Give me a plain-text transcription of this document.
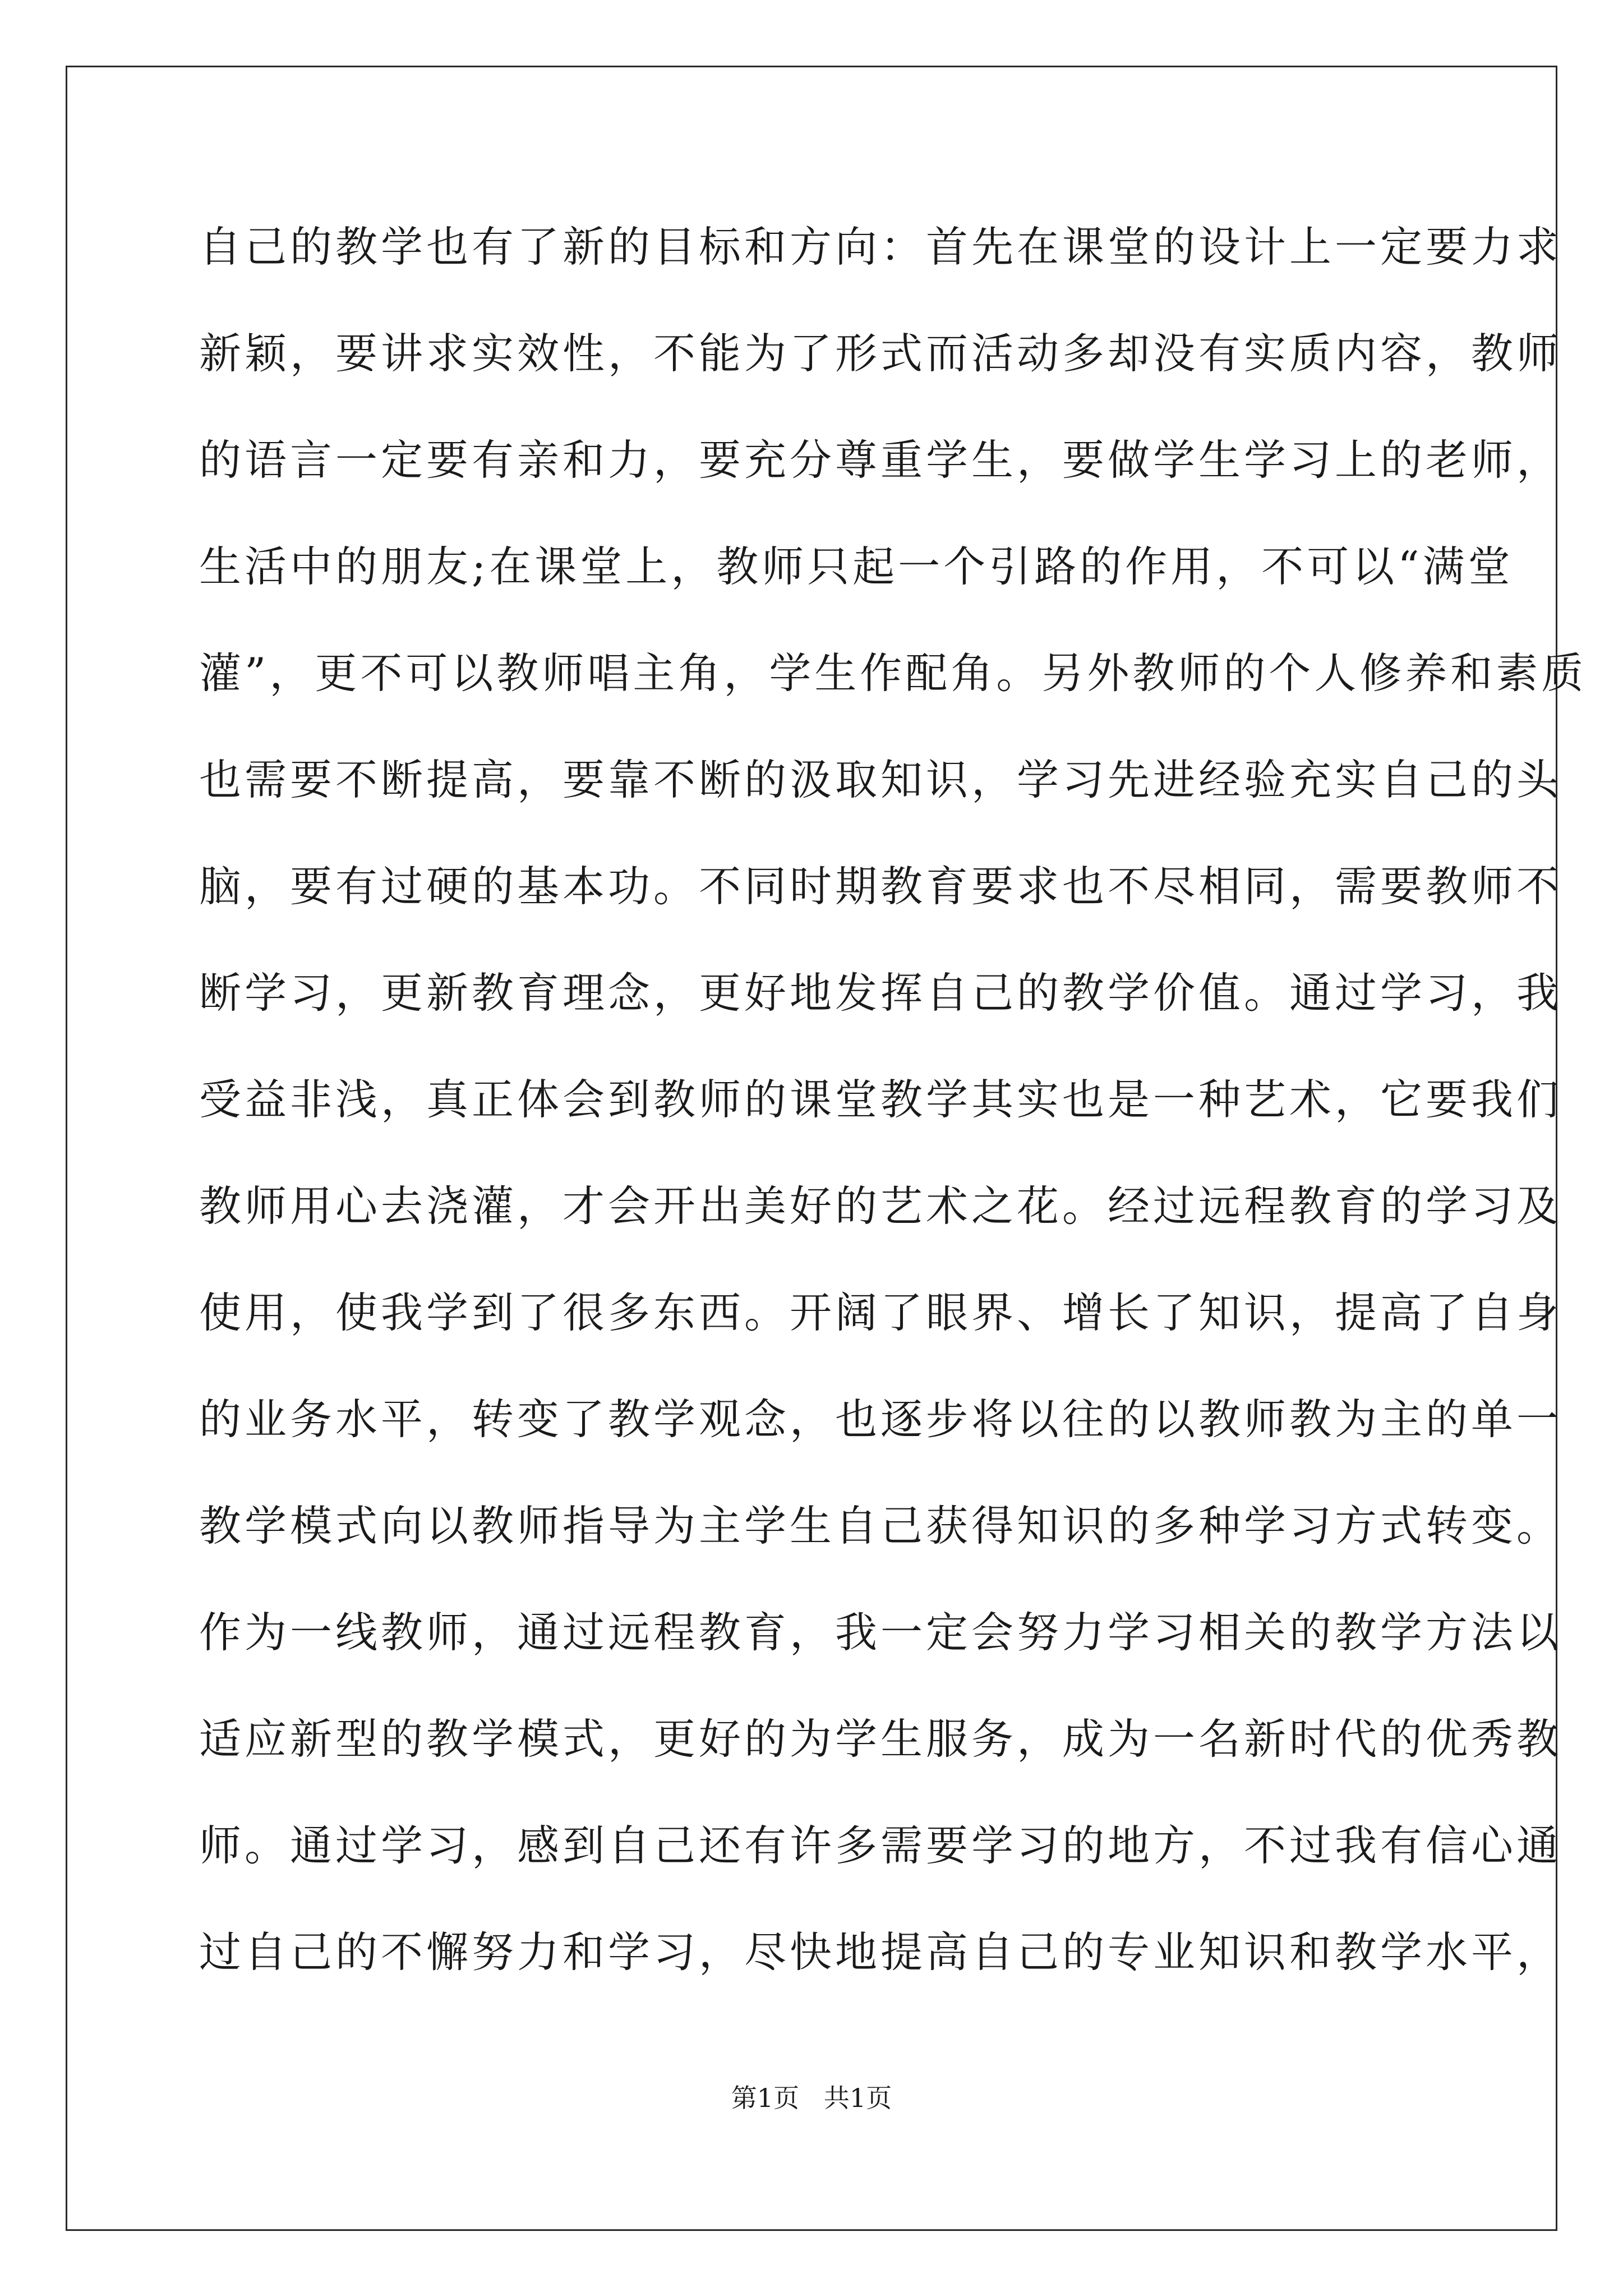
自己的教学也有了新的目标和方向：首先在课堂的设计上一定要力求
新颖，要讲求实效性，不能为了形式而活动多却没有实质内容，教师
的语言一定要有亲和力，要充分尊重学生，要做学生学习上的老师，
生活中的朋友;在课堂上，教师只起一个引路的作用，不可以“满堂
灌”，更不可以教师唱主角，学生作配角。另外教师的个人修养和素质
也需要不断提高，要靠不断的汲取知识，学习先进经验充实自己的头
脑，要有过硬的基本功。不同时期教育要求也不尽相同，需要教师不
断学习，更新教育理念，更好地发挥自己的教学价值。通过学习，我
受益非浅，真正体会到教师的课堂教学其实也是一种艺术，它要我们
教师用心去浇灌，才会开出美好的艺术之花。经过远程教育的学习及
使用，使我学到了很多东西。开阔了眼界、增长了知识，提高了自身
的业务水平，转变了教学观念，也逐步将以往的以教师教为主的单一
教学模式向以教师指导为主学生自己获得知识的多种学习方式转变。
作为一线教师，通过远程教育，我一定会努力学习相关的教学方法以
适应新型的教学模式，更好的为学生服务，成为一名新时代的优秀教
师。通过学习，感到自己还有许多需要学习的地方，不过我有信心通
过自己的不懈努力和学习，尽快地提高自己的专业知识和教学水平，
第1页   共1页
